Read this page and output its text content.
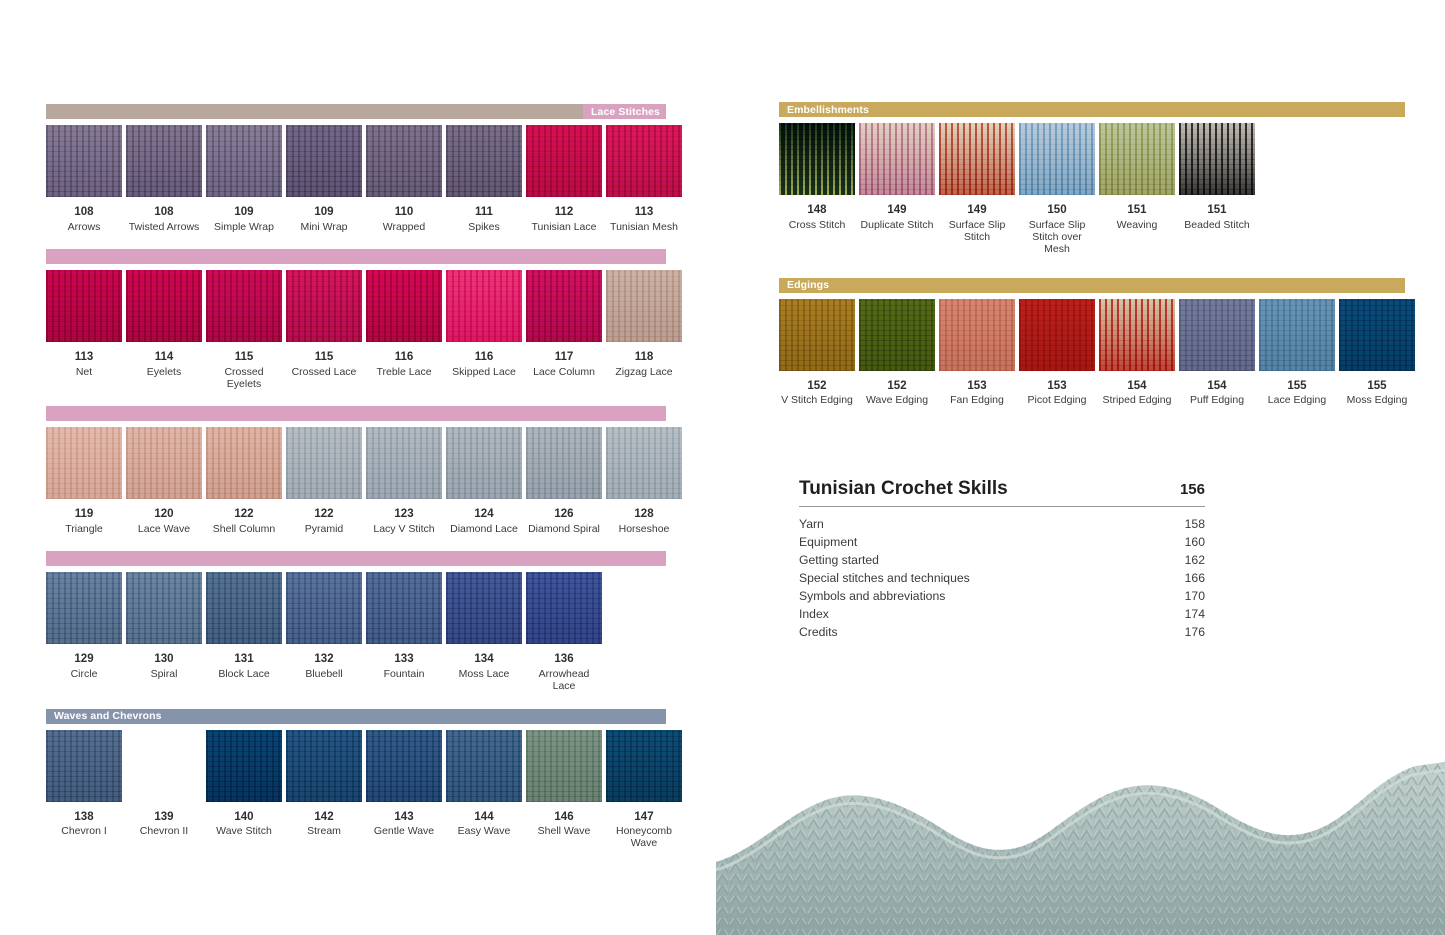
Lace Stitches
108
Arrows
108
Twisted Arrows
109
Simple Wrap
109
Mini Wrap
110
Wrapped
111
Spikes
112
Tunisian Lace
113
Tunisian Mesh
113
Net
114
Eyelets
115
Crossed Eyelets
115
Crossed Lace
116
Treble Lace
116
Skipped Lace
117
Lace Column
118
Zigzag Lace
119
Triangle
120
Lace Wave
122
Shell Column
122
Pyramid
123
Lacy V Stitch
124
Diamond Lace
126
Diamond Spiral
128
Horseshoe
129
Circle
130
Spiral
131
Block Lace
132
Bluebell
133
Fountain
134
Moss Lace
136
Arrowhead Lace
Waves and Chevrons
138
Chevron I
139
Chevron II
140
Wave Stitch
142
Stream
143
Gentle Wave
144
Easy Wave
146
Shell Wave
147
Honeycomb Wave
Embellishments
148
Cross Stitch
149
Duplicate Stitch
149
Surface Slip Stitch
150
Surface Slip Stitch over Mesh
151
Weaving
151
Beaded Stitch
Edgings
152
V Stitch Edging
152
Wave Edging
153
Fan Edging
153
Picot Edging
154
Striped Edging
154
Puff Edging
155
Lace Edging
155
Moss Edging
Tunisian Crochet Skills	156
Yarn	158
Equipment	160
Getting started	162
Special stitches and techniques	166
Symbols and abbreviations	170
Index	174
Credits	176
